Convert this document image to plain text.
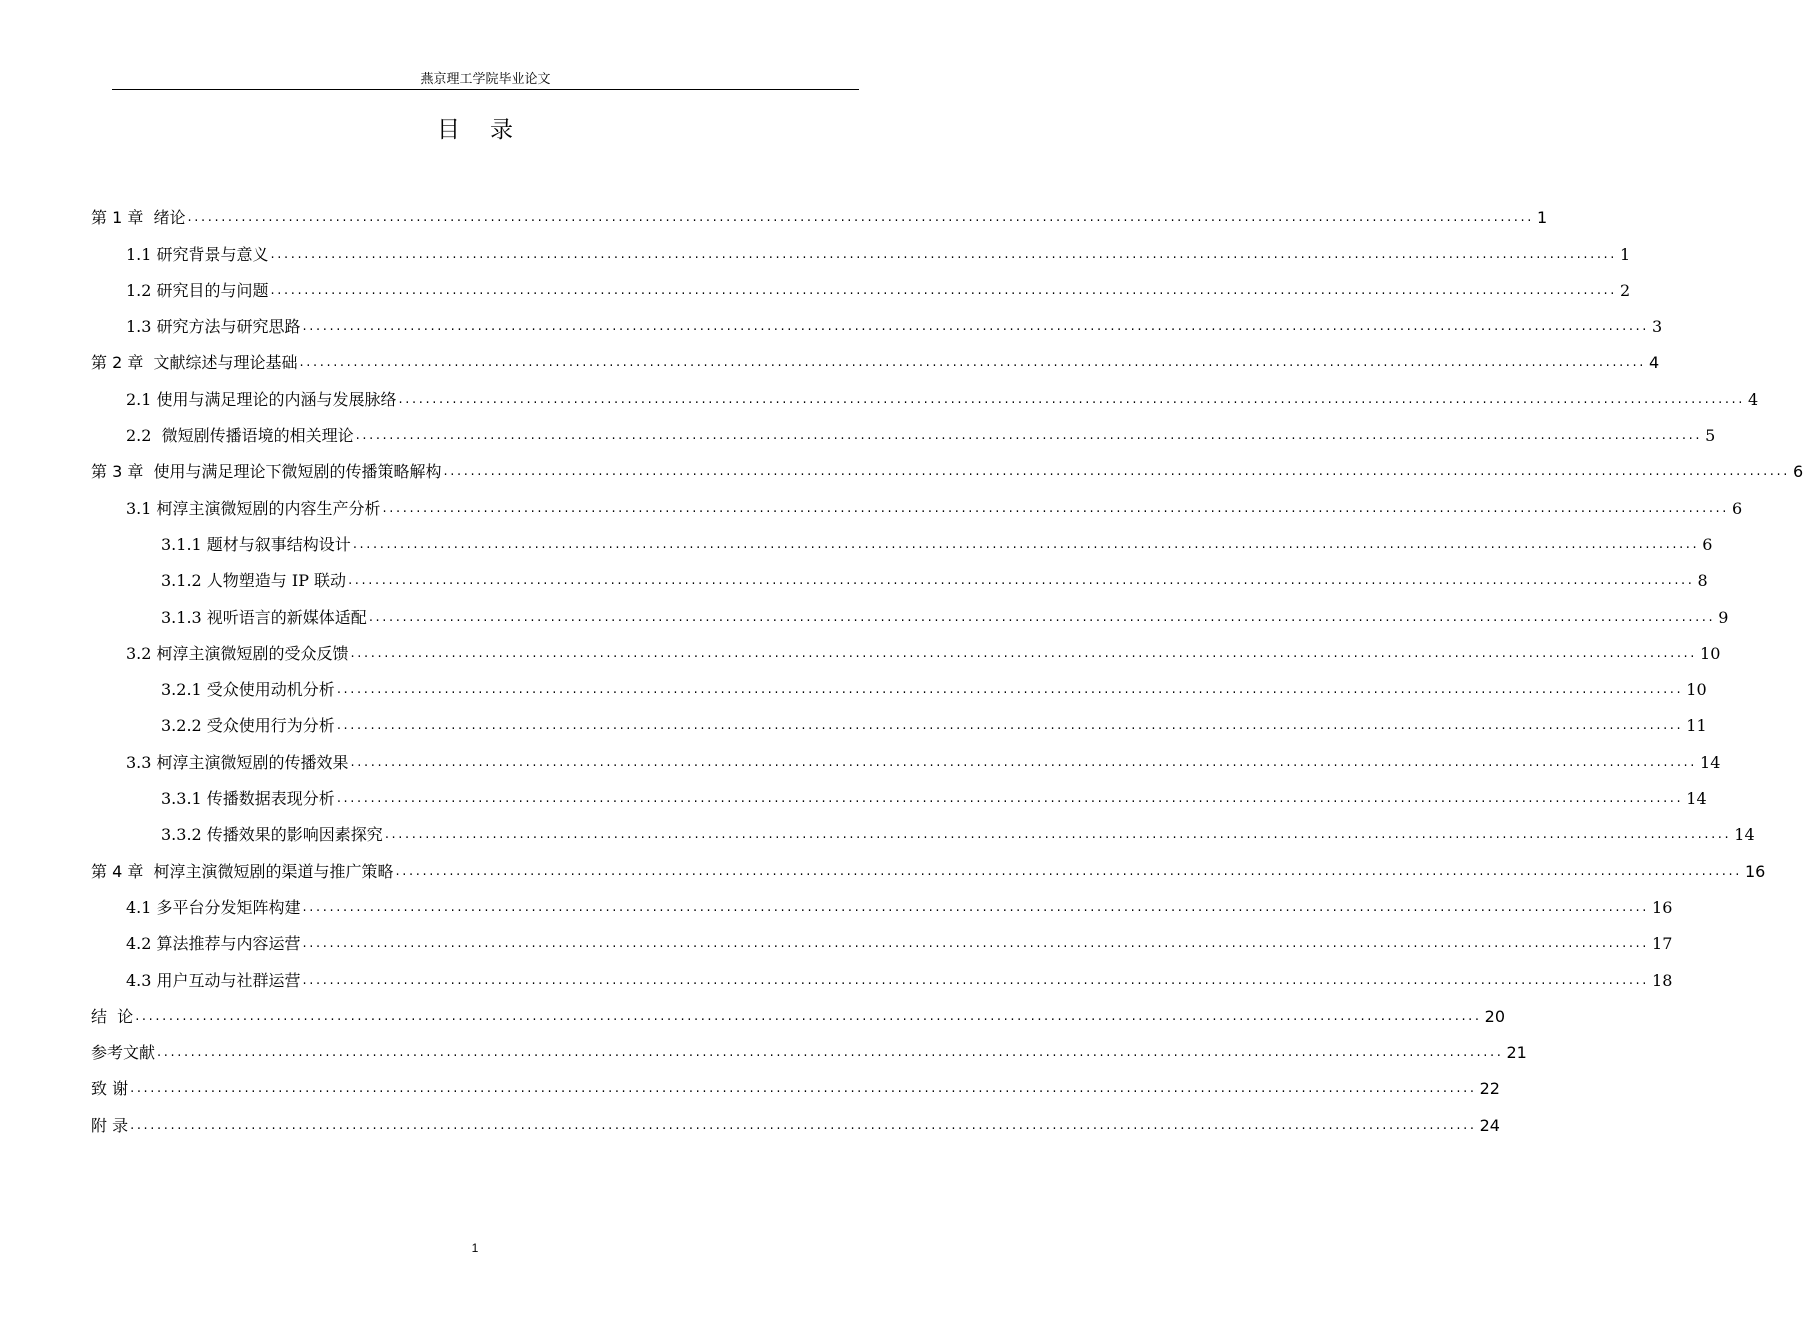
燕京理工学院毕业论文
目录
第 1 章  绪论 ........................................................................................................................................................................................................ 1
1.1 研究背景与意义 ........................................................................................................................................................................................................ 1
1.2 研究目的与问题 ........................................................................................................................................................................................................ 2
1.3 研究方法与研究思路 ........................................................................................................................................................................................................ 3
第 2 章  文献综述与理论基础 ........................................................................................................................................................................................................ 4
2.1 使用与满足理论的内涵与发展脉络 ........................................................................................................................................................................................................ 4
2.2  微短剧传播语境的相关理论 ........................................................................................................................................................................................................ 5
第 3 章  使用与满足理论下微短剧的传播策略解构 ........................................................................................................................................................................................................ 6
3.1 柯淳主演微短剧的内容生产分析 ........................................................................................................................................................................................................ 6
3.1.1 题材与叙事结构设计 ........................................................................................................................................................................................................ 6
3.1.2 人物塑造与 IP 联动 ........................................................................................................................................................................................................ 8
3.1.3 视听语言的新媒体适配 ........................................................................................................................................................................................................ 9
3.2 柯淳主演微短剧的受众反馈 ........................................................................................................................................................................................................ 10
3.2.1 受众使用动机分析 ........................................................................................................................................................................................................ 10
3.2.2 受众使用行为分析 ........................................................................................................................................................................................................ 11
3.3 柯淳主演微短剧的传播效果 ........................................................................................................................................................................................................ 14
3.3.1 传播数据表现分析 ........................................................................................................................................................................................................ 14
3.3.2 传播效果的影响因素探究 ........................................................................................................................................................................................................ 14
第 4 章  柯淳主演微短剧的渠道与推广策略 ........................................................................................................................................................................................................ 16
4.1 多平台分发矩阵构建 ........................................................................................................................................................................................................ 16
4.2 算法推荐与内容运营 ........................................................................................................................................................................................................ 17
4.3 用户互动与社群运营 ........................................................................................................................................................................................................ 18
结  论 ........................................................................................................................................................................................................ 20
参考文献 ........................................................................................................................................................................................................ 21
致 谢 ........................................................................................................................................................................................................ 22
附 录 ........................................................................................................................................................................................................ 24
1
